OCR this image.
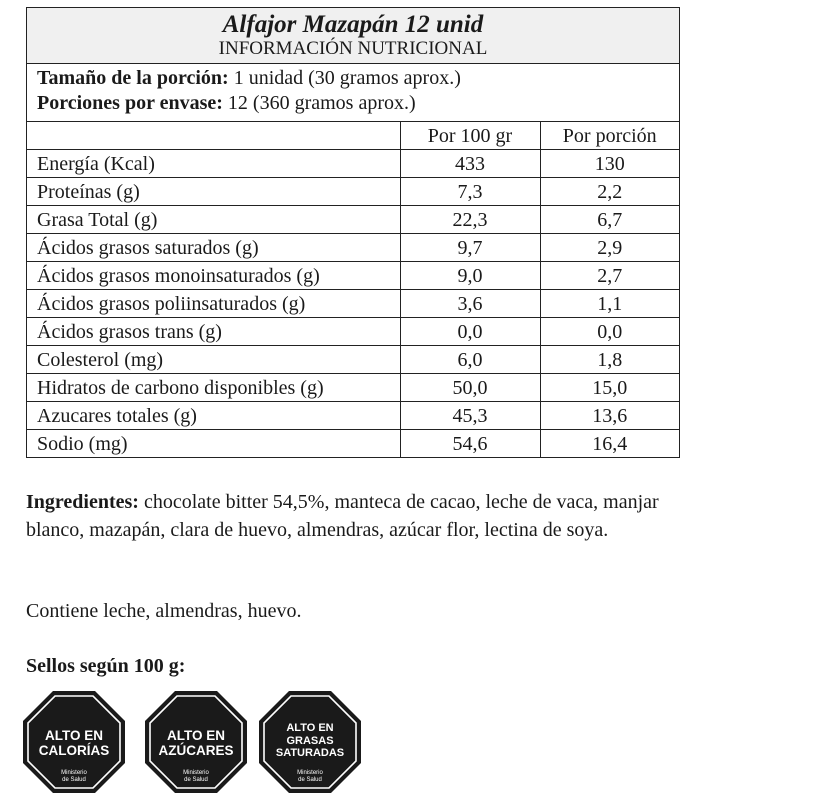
Alfajor Mazapán 12 unid
INFORMACIÓN NUTRICIONAL
Tamaño de la porción: 1 unidad (30 gramos aprox.)
Porciones por envase: 12 (360 gramos aprox.)
	Por 100 gr	Por porción
Energía (Kcal)	433	130
Proteínas (g)	7,3	2,2
Grasa Total (g)	22,3	6,7
Ácidos grasos saturados (g)	9,7	2,9
Ácidos grasos monoinsaturados (g)	9,0	2,7
Ácidos grasos poliinsaturados (g)	3,6	1,1
Ácidos grasos trans (g)	0,0	0,0
Colesterol (mg)	6,0	1,8
Hidratos de carbono disponibles (g)	50,0	15,0
Azucares totales (g)	45,3	13,6
Sodio (mg)	54,6	16,4
Ingredientes: chocolate bitter 54,5%, manteca de cacao, leche de vaca, manjar blanco, mazapán, clara de huevo, almendras, azúcar flor, lectina de soya.
Contiene leche, almendras, huevo.
Sellos según 100 g:
ALTO EN
CALORÍAS
Ministerio
de Salud
ALTO EN
AZÚCARES
Ministerio
de Salud
ALTO EN
GRASAS
SATURADAS
Ministerio
de Salud
